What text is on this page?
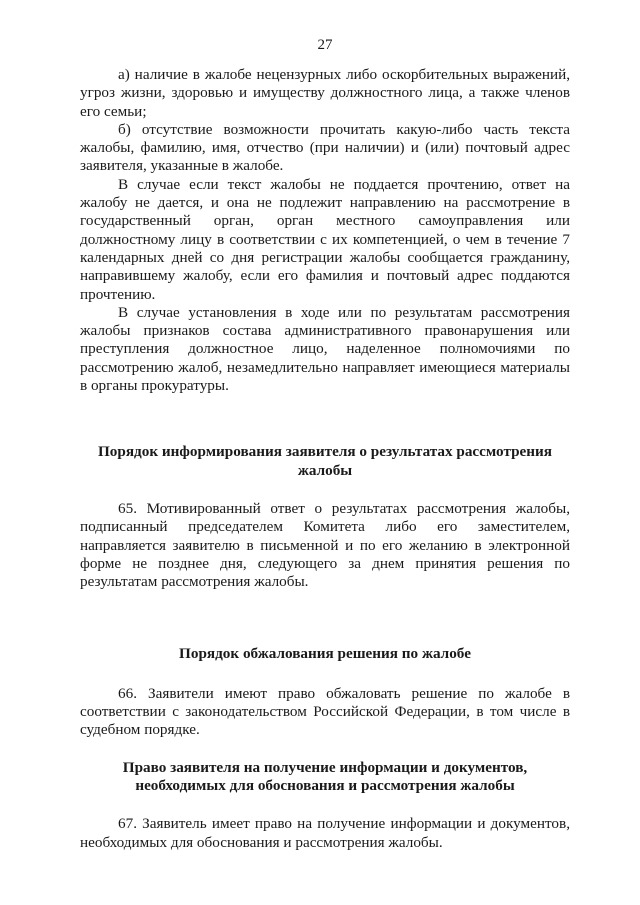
27

а) наличие в жалобе нецензурных либо оскорбительных выражений, угроз жизни, здоровью и имуществу должностного лица, а также членов его семьи;

б) отсутствие возможности прочитать какую-либо часть текста жалобы, фамилию, имя, отчество (при наличии) и (или) почтовый адрес заявителя, указанные в жалобе.

В случае если текст жалобы не поддается прочтению, ответ на жалобу не дается, и она не подлежит направлению на рассмотрение в государственный орган, орган местного самоуправления или должностному лицу в соответствии с их компетенцией, о чем в течение 7 календарных дней со дня регистрации жалобы сообщается гражданину, направившему жалобу, если его фамилия и почтовый адрес поддаются прочтению.

В случае установления в ходе или по результатам рассмотрения жалобы признаков состава административного правонарушения или преступления должностное лицо, наделенное полномочиями по рассмотрению жалоб, незамедлительно направляет имеющиеся материалы в органы прокуратуры.

Порядок информирования заявителя о результатах рассмотрения жалобы

65. Мотивированный ответ о результатах рассмотрения жалобы, подписанный председателем Комитета либо его заместителем, направляется заявителю в письменной и по его желанию в электронной форме не позднее дня, следующего за днем принятия решения по результатам рассмотрения жалобы.

Порядок обжалования решения по жалобе

66. Заявители имеют право обжаловать решение по жалобе в соответствии с законодательством Российской Федерации, в том числе в судебном порядке.

Право заявителя на получение информации и документов, необходимых для обоснования и рассмотрения жалобы

67. Заявитель имеет право на получение информации и документов, необходимых для обоснования и рассмотрения жалобы.
